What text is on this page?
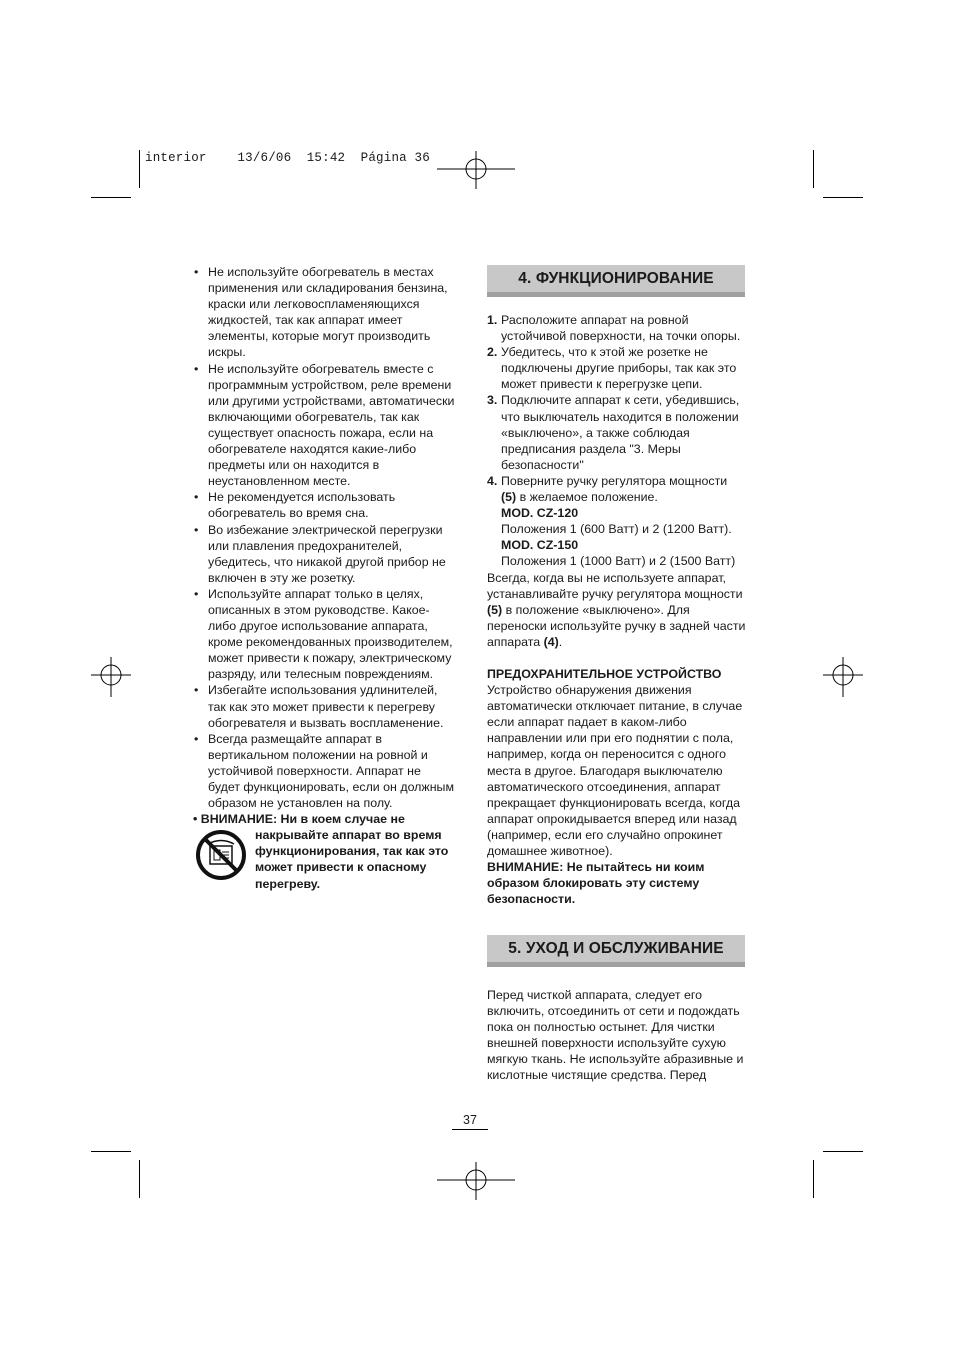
interior    13/6/06  15:42  Página 36
• Не используйте обогреватель в местах применения или складирования бензина, краски или легковоспламеняющихся жидкостей, так как аппарат имеет элементы, которые могут производить искры.
• Не используйте обогреватель вместе с программным устройством, реле времени или другими устройствами, автоматически включающими обогреватель, так как существует опасность пожара, если на обогревателе находятся какие-либо предметы или он находится в неустановленном месте.
• Не рекомендуется использовать обогреватель во время сна.
• Во избежание электрической перегрузки или плавления предохранителей, убедитесь, что никакой другой прибор не включен в эту же розетку.
• Используйте аппарат только в целях, описанных в этом руководстве. Какое-либо другое использование аппарата, кроме рекомендованных производителем, может привести к пожару, электрическому разряду, или телесным повреждениям.
• Избегайте использования удлинителей, так как это может привести к перегреву обогревателя и вызвать воспламенение.
• Всегда размещайте аппарат в вертикальном положении на ровной и устойчивой поверхности. Аппарат не будет функционировать, если он должным образом не установлен на полу.
• ВНИМАНИЕ: Ни в коем случае не
накрывайте аппарат во время функционирования, так как это может привести к опасному перегреву.
4. ФУНКЦИОНИРОВАНИЕ
1. Расположите аппарат на ровной устойчивой поверхности, на точки опоры.
2. Убедитесь, что к этой же розетке не подключены другие приборы, так как это может привести к перегрузке цепи.
3. Подключите аппарат к сети, убедившись, что выключатель находится в положении «выключено», а также соблюдая предписания раздела "3. Меры безопасности"
4. Поверните ручку регулятора мощности
(5) в желаемое положение.
MOD. CZ-120
Положения 1 (600 Ватт) и 2 (1200 Ватт).
MOD. CZ-150
Положения 1 (1000 Ватт) и 2 (1500 Ватт)
Всегда, когда вы не используете аппарат, устанавливайте ручку регулятора мощности (5) в положение «выключено». Для переноски используйте ручку в задней части аппарата (4).
ПРЕДОХРАНИТЕЛЬНОЕ УСТРОЙСТВО
Устройство обнаружения движения автоматически отключает питание, в случае если аппарат падает в каком-либо направлении или при его поднятии с пола, например, когда он переносится с одного места в другое. Благодаря выключателю автоматического отсоединения, аппарат прекращает функционировать всегда, когда аппарат опрокидывается вперед или назад (например, если его случайно опрокинет домашнее животное).
ВНИМАНИЕ: Не пытайтесь ни коим образом блокировать эту систему безопасности.
5. УХОД И ОБСЛУЖИВАНИЕ
Перед чисткой аппарата, следует его включить, отсоединить от сети и подождать пока он полностью остынет. Для чистки внешней поверхности используйте сухую мягкую ткань. Не используйте абразивные и кислотные чистящие средства. Перед
37
